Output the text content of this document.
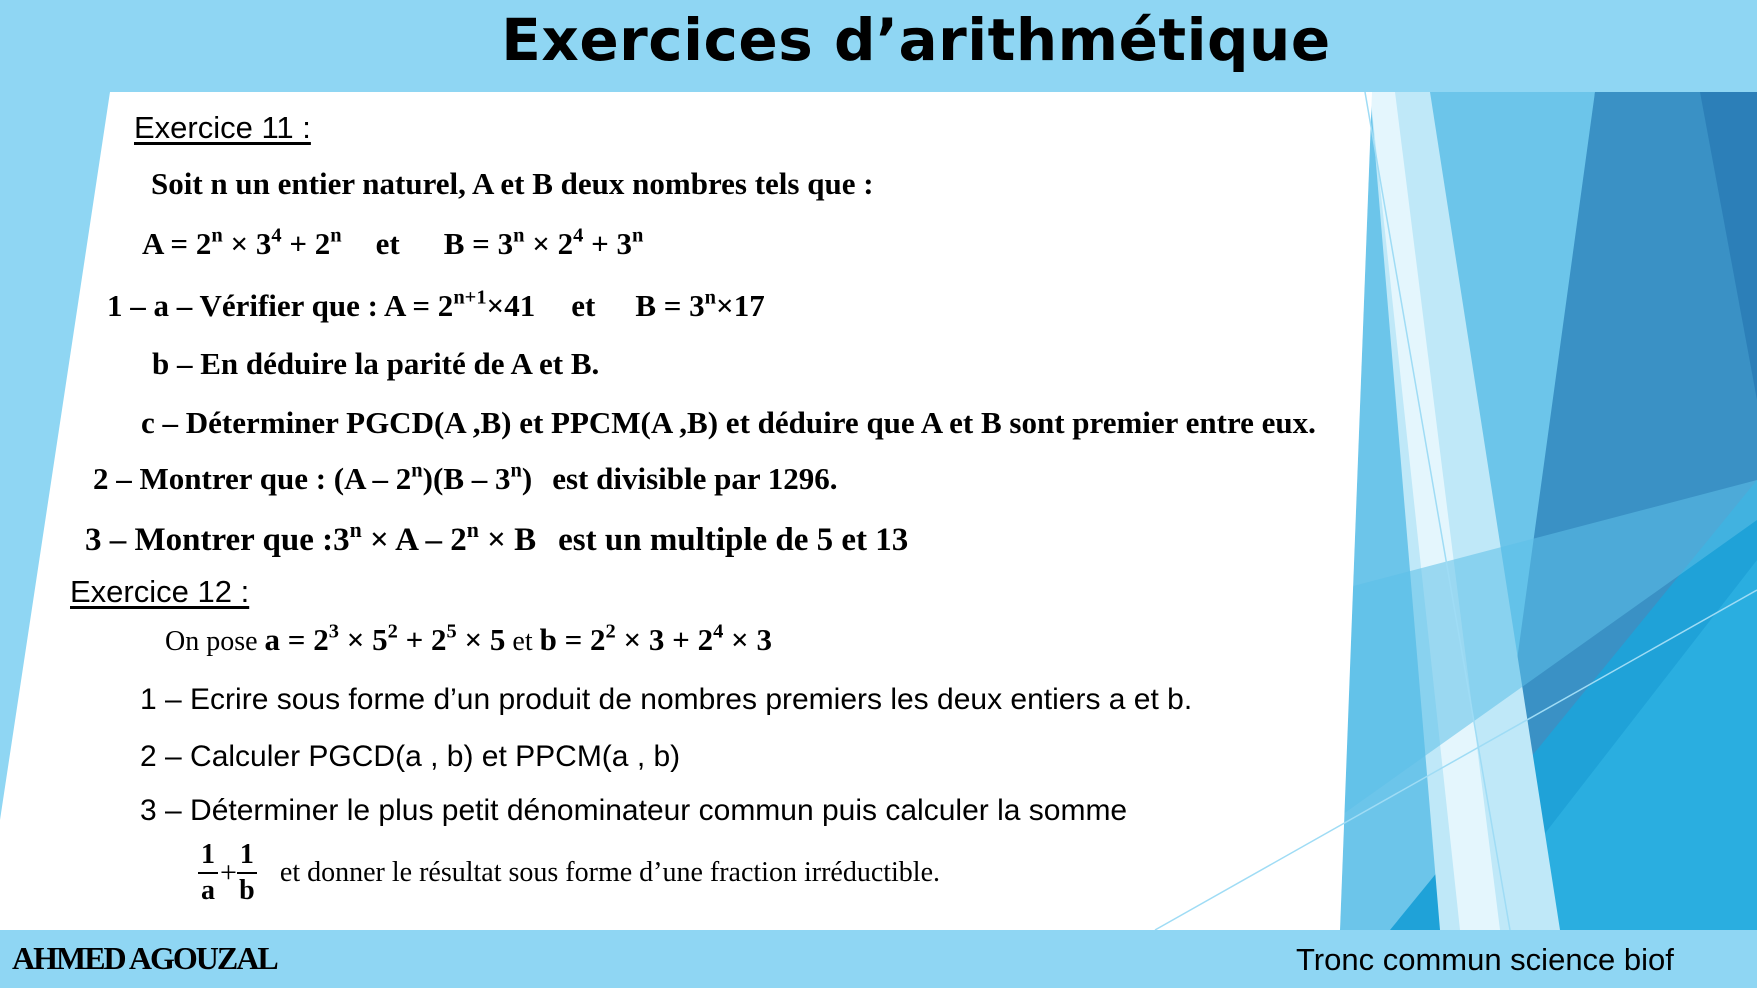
Exercices d’arithmétique
Exercice 11 :
Soit n un entier naturel, A et B deux nombres tels que :
$A = 2^n \times 3^4 + 2^n$ et $B = 3^n \times 2^4 + 3^n$
1 – a – Vérifier que : $A = 2^{n+1}\times 41$ et $B = 3^n\times 17$
b – En déduire la parité de A et B.
c – Déterminer PGCD(A ,B) et PPCM(A ,B) et déduire que A et B sont premier entre eux.
2 – Montrer que : (A – 2$^n$)(B – 3$^n$) est divisible par 1296.
3 – Montrer que $:3^n \times A - 2^n \times B$ est un multiple de 5 et 13
Exercice 12 :
On pose $a = 2^3 \times 5^2 + 2^5 \times 5$ et $b = 2^2 \times 3 + 2^4 \times 3$
1 – Ecrire sous forme d’un produit de nombres premiers les deux entiers a et b.
2 – Calculer PGCD(a , b) et PPCM(a , b)
3 – Déterminer le plus petit dénominateur commun puis calculer la somme
$\frac{1}{a} + \frac{1}{b}$ et donner le résultat sous forme d’une fraction irréductible.
AHMED AGOUZAL	Tronc commun science biof
